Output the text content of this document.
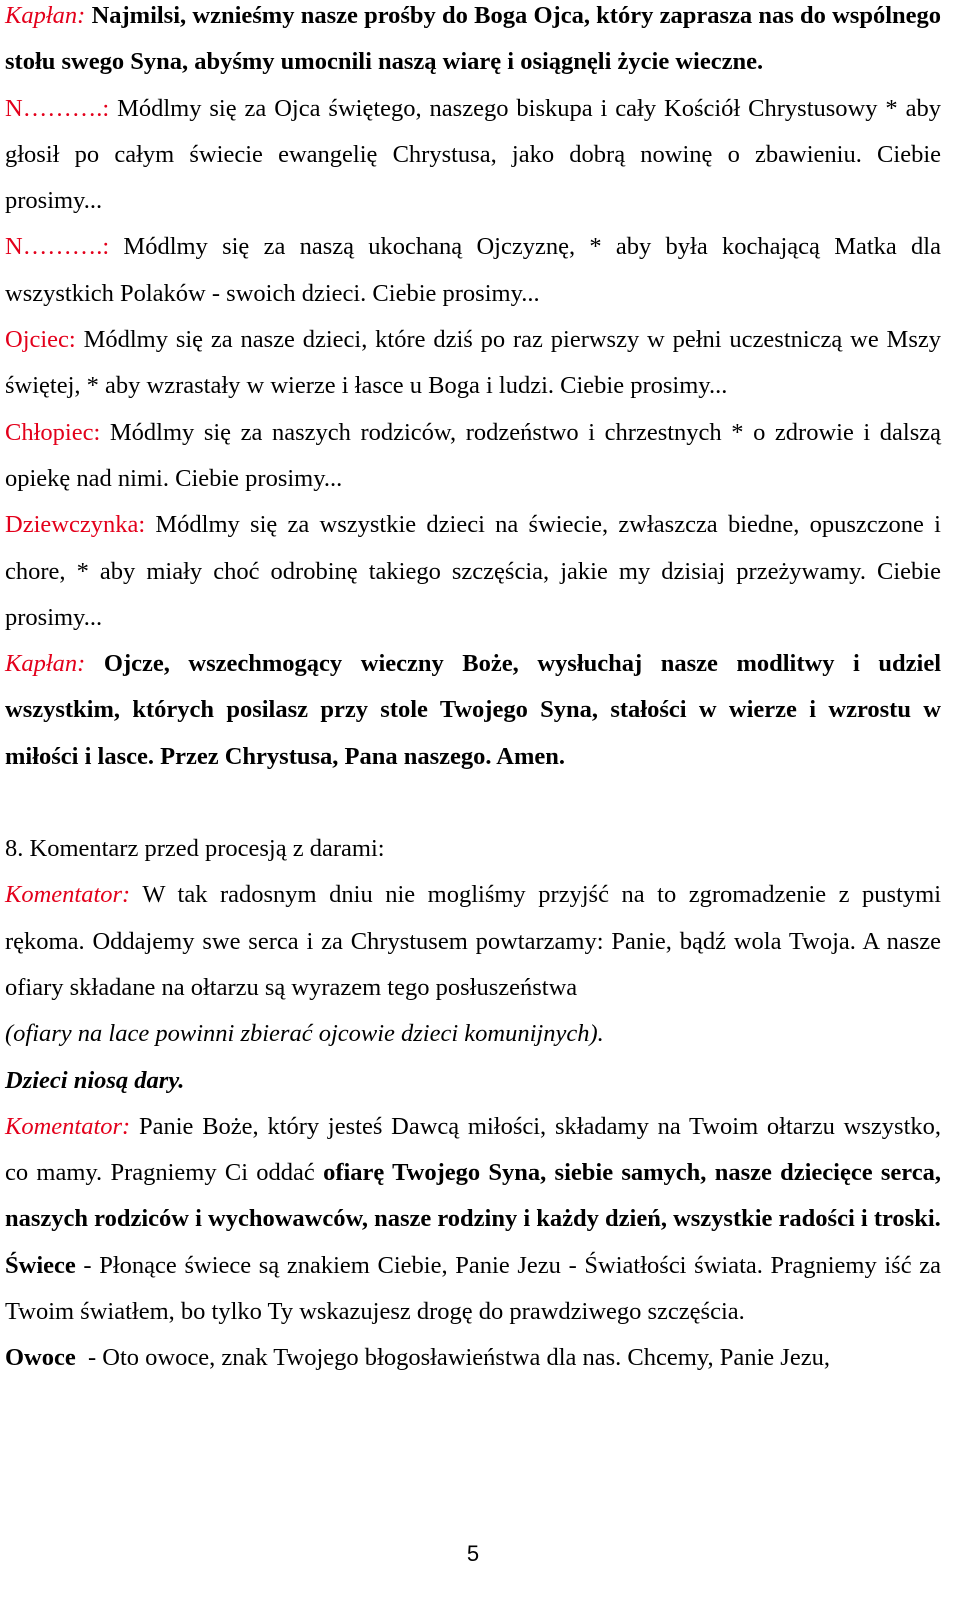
Kapłan: Najmilsi, wznieśmy nasze prośby do Boga Ojca, który zaprasza nas do wspólnego stołu swego Syna, abyśmy umocnili naszą wiarę i osiągnęli życie wieczne.

N……….: Módlmy się za Ojca świętego, naszego biskupa i cały Kościół Chrystusowy * aby głosił po całym świecie ewangelię Chrystusa, jako dobrą nowinę o zbawieniu. Ciebie prosimy...

N……….: Módlmy się za naszą ukochaną Ojczyznę, * aby była kochającą Matka dla wszystkich Polaków - swoich dzieci. Ciebie prosimy...

Ojciec: Módlmy się za nasze dzieci, które dziś po raz pierwszy w pełni uczestniczą we Mszy świętej, * aby wzrastały w wierze i łasce u Boga i ludzi. Ciebie prosimy...

Chłopiec: Módlmy się za naszych rodziców, rodzeństwo i chrzestnych * o zdrowie i dalszą opiekę nad nimi. Ciebie prosimy...

Dziewczynka: Módlmy się za wszystkie dzieci na świecie, zwłaszcza biedne, opuszczone i chore, * aby miały choć odrobinę takiego szczęścia, jakie my dzisiaj przeżywamy. Ciebie prosimy...

Kapłan: Ojcze, wszechmogący wieczny Boże, wysłuchaj nasze modlitwy i udziel wszystkim, których posilasz przy stole Twojego Syna, stałości w wierze i wzrostu w miłości i lasce. Przez Chrystusa, Pana naszego. Amen.

8. Komentarz przed procesją z darami:

Komentator: W tak radosnym dniu nie mogliśmy przyjść na to zgromadzenie z pustymi rękoma. Oddajemy swe serca i za Chrystusem powtarzamy: Panie, bądź wola Twoja. A nasze ofiary składane na ołtarzu są wyrazem tego posłuszeństwa

(ofiary na lace powinni zbierać ojcowie dzieci komunijnych).

Dzieci niosą dary.

Komentator: Panie Boże, który jesteś Dawcą miłości, składamy na Twoim ołtarzu wszystko, co mamy. Pragniemy Ci oddać ofiarę Twojego Syna, siebie samych, nasze dziecięce serca, naszych rodziców i wychowawców, nasze rodziny i każdy dzień, wszystkie radości i troski.

Świece - Płonące świece są znakiem Ciebie, Panie Jezu - Światłości świata. Pragniemy iść za Twoim światłem, bo tylko Ty wskazujesz drogę do prawdziwego szczęścia.

Owoce  - Oto owoce, znak Twojego błogosławieństwa dla nas. Chcemy, Panie Jezu,

5
